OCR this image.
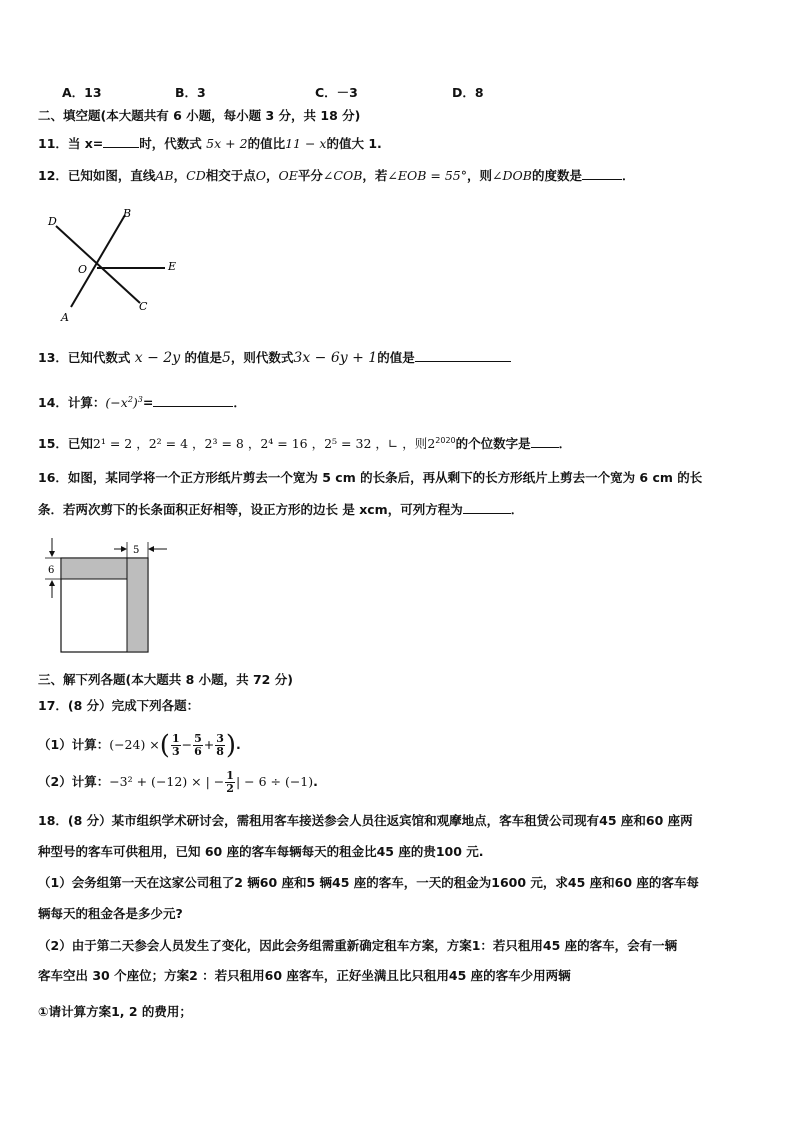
A．13	B．3	C．－3	D．8
二、填空题(本大题共有 6 小题，每小题 3 分，共 18 分)
11．当 x=	时，代数式 5x + 2的值比11 − x的值大 1.
12．已知如图，直线AB，CD相交于点O，OE平分∠COB，若∠EOB = 55°，则∠DOB的度数是	．
D
B
O	E
A
C
13．已知代数式 x − 2y 的值是5，则代数式3x − 6y + 1的值是
14．计算：$(-x^2)^3=$	．
15．已知2¹ = 2 ，2² = 4 ，2³ = 8 ，2⁴ = 16 ，2⁵ = 32 ，∟ ，则$2^{2020}$的个位数字是 ．
16．如图，某同学将一个正方形纸片剪去一个宽为 5 cm 的长条后，再从剩下的长方形纸片上剪去一个宽为 6 cm 的长
条．若两次剪下的长条面积正好相等，设正方形的边长 是 xcm，可列方程为	．
6
5
三、解下列各题(本大题共 8 小题，共 72 分)
17．(8 分）完成下列各题：
（1）计算：(−24) ×( $\frac{1}{3} - \frac{5}{6} + \frac{3}{8}$ ).
（2）计算：−3² + (−12) × | − $\frac{1}{2}$ | − 6 ÷ (−1).
18．(8 分）某市组织学术研讨会，需租用客车接送参会人员往返宾馆和观摩地点，客车租赁公司现有45 座和60 座两
种型号的客车可供租用，已知 60 座的客车每辆每天的租金比45 座的贵100 元.
（1）会务组第一天在这家公司租了2 辆60 座和5 辆45 座的客车，一天的租金为1600 元，求45 座和60 座的客车每
辆每天的租金各是多少元?
（2）由于第二天参会人员发生了变化，因此会务组需重新确定租车方案，方案1：若只租用45 座的客车，会有一辆
客车空出 30 个座位；方案2 ：若只租用60 座客车，正好坐满且比只租用45 座的客车少用两辆
①请计算方案1, 2 的费用；
